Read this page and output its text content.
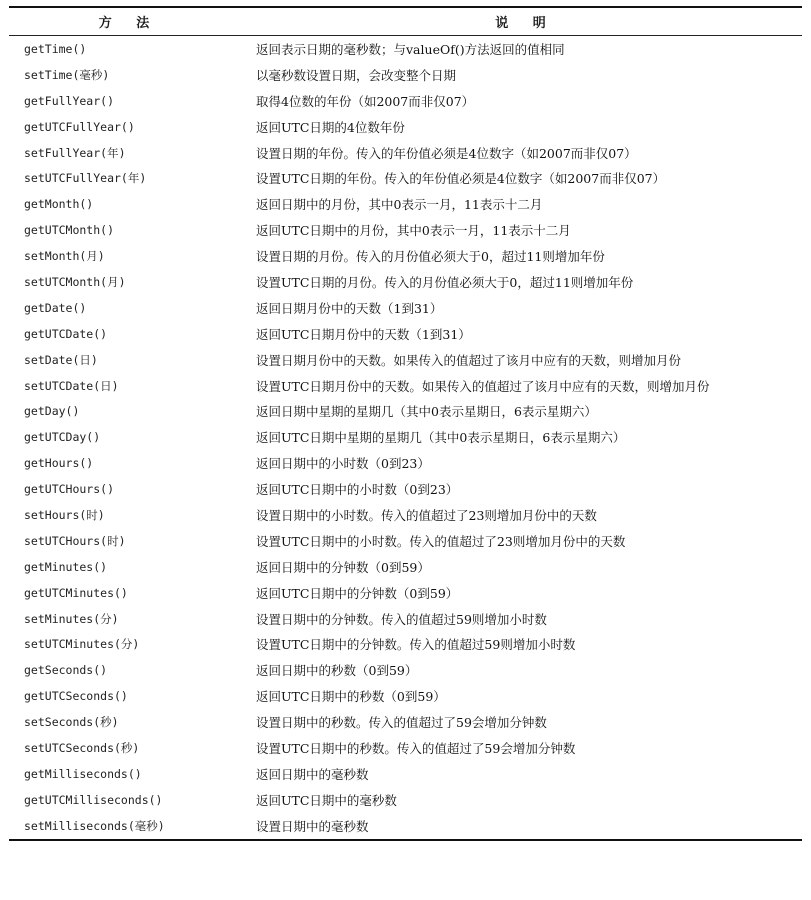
方 法	说 明
getTime()	返回表示日期的毫秒数；与valueOf()方法返回的值相同
setTime(毫秒)	以毫秒数设置日期，会改变整个日期
getFullYear()	取得4位数的年份（如2007而非仅07）
getUTCFullYear()	返回UTC日期的4位数年份
setFullYear(年)	设置日期的年份。传入的年份值必须是4位数字（如2007而非仅07）
setUTCFullYear(年)	设置UTC日期的年份。传入的年份值必须是4位数字（如2007而非仅07）
getMonth()	返回日期中的月份，其中0表示一月，11表示十二月
getUTCMonth()	返回UTC日期中的月份，其中0表示一月，11表示十二月
setMonth(月)	设置日期的月份。传入的月份值必须大于0，超过11则增加年份
setUTCMonth(月)	设置UTC日期的月份。传入的月份值必须大于0，超过11则增加年份
getDate()	返回日期月份中的天数（1到31）
getUTCDate()	返回UTC日期月份中的天数（1到31）
setDate(日)	设置日期月份中的天数。如果传入的值超过了该月中应有的天数，则增加月份
setUTCDate(日)	设置UTC日期月份中的天数。如果传入的值超过了该月中应有的天数，则增加月份
getDay()	返回日期中星期的星期几（其中0表示星期日，6表示星期六）
getUTCDay()	返回UTC日期中星期的星期几（其中0表示星期日，6表示星期六）
getHours()	返回日期中的小时数（0到23）
getUTCHours()	返回UTC日期中的小时数（0到23）
setHours(时)	设置日期中的小时数。传入的值超过了23则增加月份中的天数
setUTCHours(时)	设置UTC日期中的小时数。传入的值超过了23则增加月份中的天数
getMinutes()	返回日期中的分钟数（0到59）
getUTCMinutes()	返回UTC日期中的分钟数（0到59）
setMinutes(分)	设置日期中的分钟数。传入的值超过59则增加小时数
setUTCMinutes(分)	设置UTC日期中的分钟数。传入的值超过59则增加小时数
getSeconds()	返回日期中的秒数（0到59）
getUTCSeconds()	返回UTC日期中的秒数（0到59）
setSeconds(秒)	设置日期中的秒数。传入的值超过了59会增加分钟数
setUTCSeconds(秒)	设置UTC日期中的秒数。传入的值超过了59会增加分钟数
getMilliseconds()	返回日期中的毫秒数
getUTCMilliseconds()	返回UTC日期中的毫秒数
setMilliseconds(毫秒)	设置日期中的毫秒数
